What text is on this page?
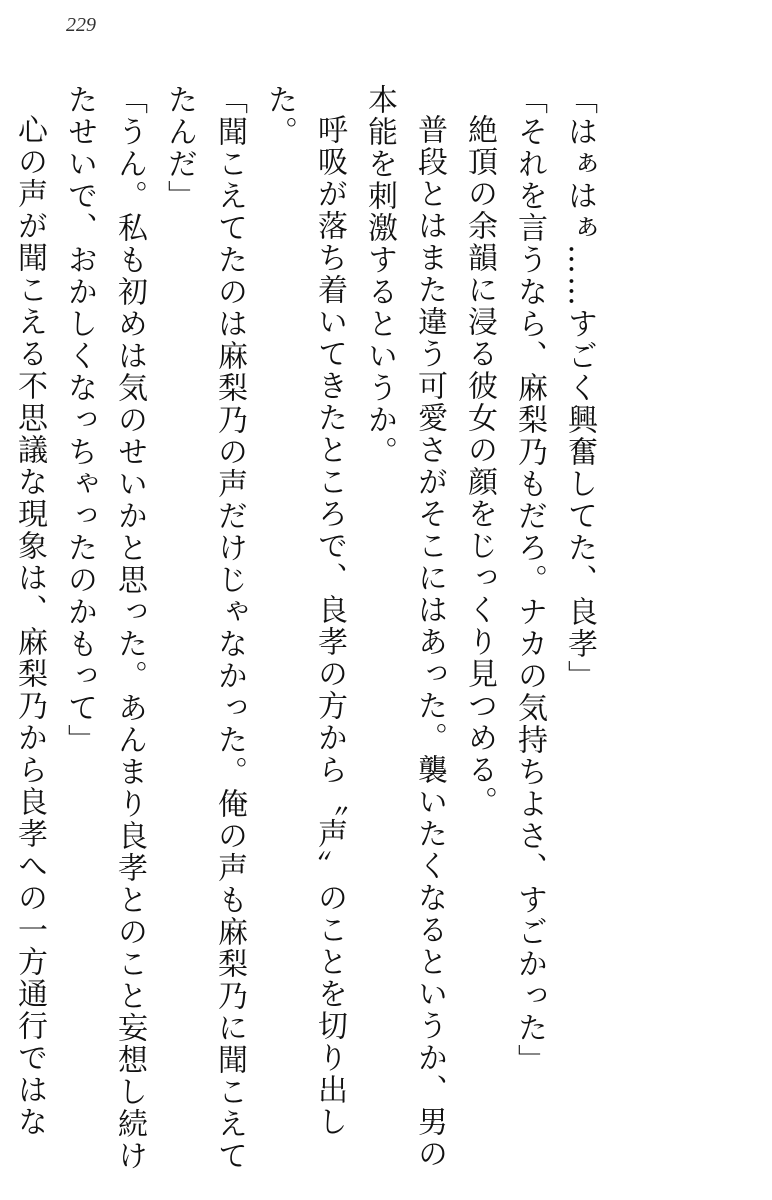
229

「はぁはぁ……すごく興奮してた、良孝」

「それを言うなら、麻梨乃もだろ。ナカの気持ちよさ、すごかった」

絶頂の余韻に浸る彼女の顔をじっくり見つめる。

普段とはまた違う可愛さがそこにはあった。襲いたくなるというか、男の本能を刺激するというか。

呼吸が落ち着いてきたところで、良孝の方から〝声〟のことを切り出した。

「聞こえてたのは麻梨乃の声だけじゃなかった。俺の声も麻梨乃に聞こえてたんだ」

「うん。私も初めは気のせいかと思った。あんまり良孝とのこと妄想し続けたせいで、おかしくなっちゃったのかもって」

心の声が聞こえる不思議な現象は、麻梨乃から良孝への一方通行ではな
